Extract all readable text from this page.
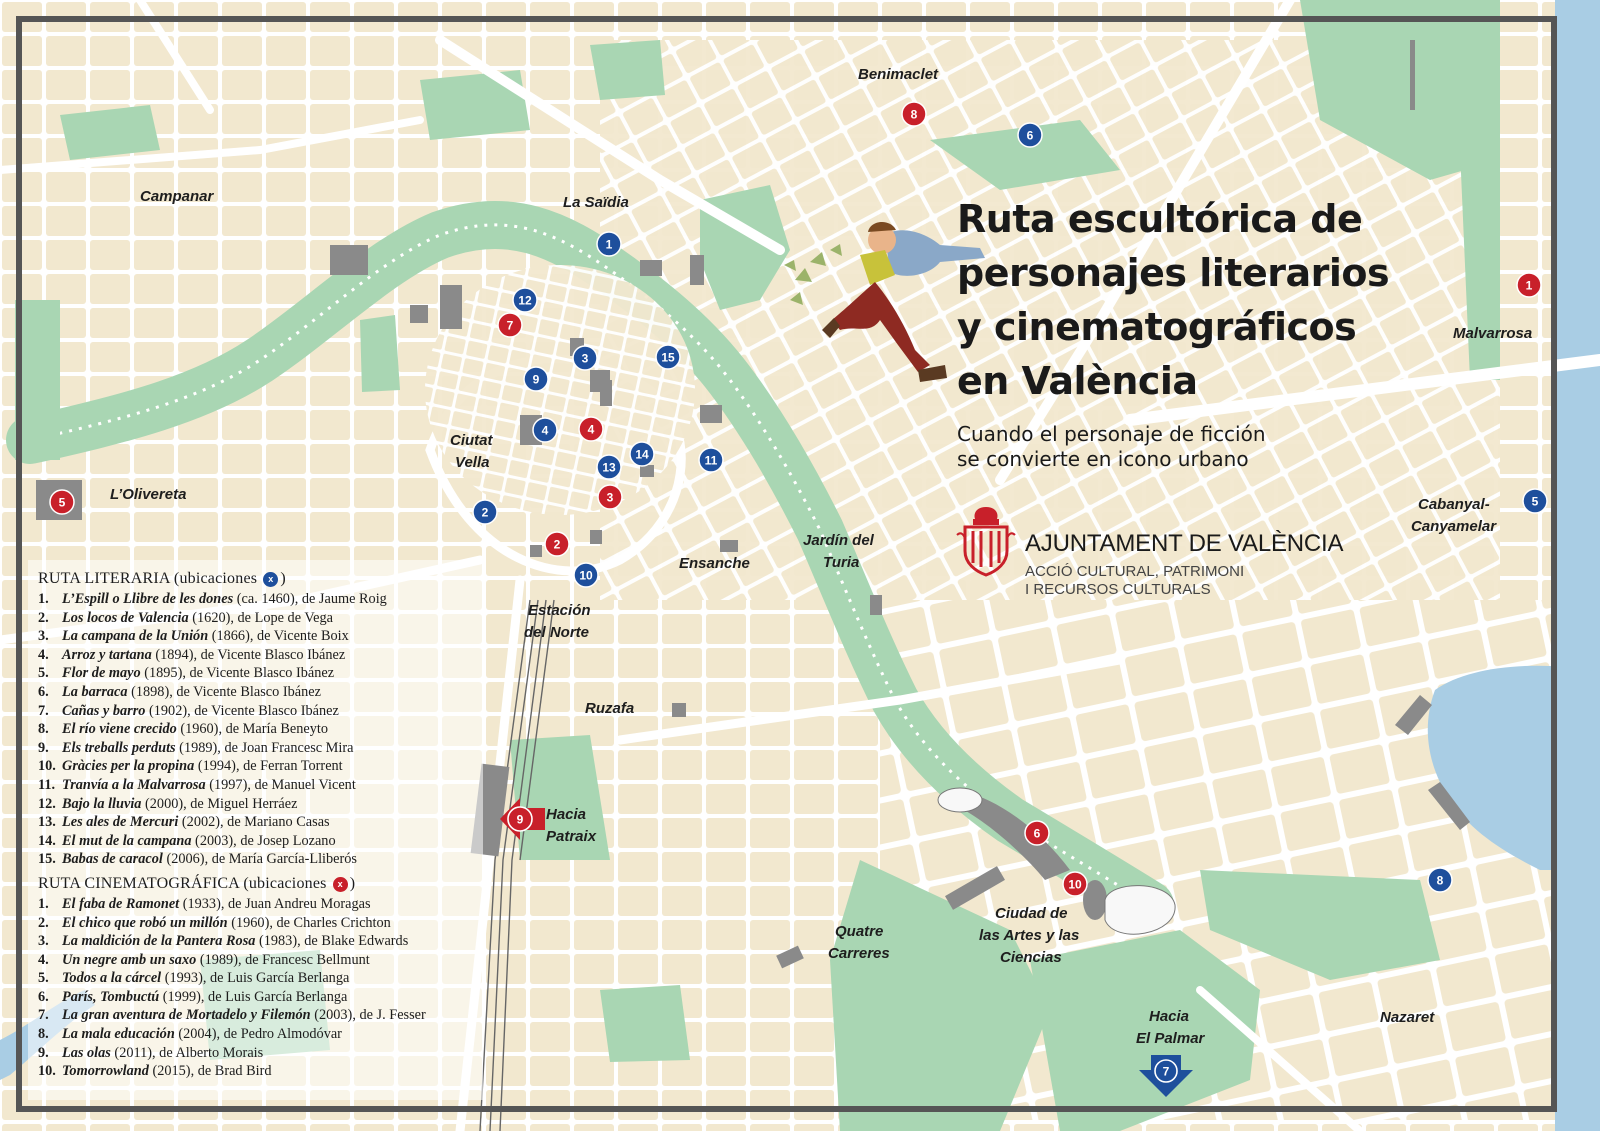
Benimaclet
Campanar	La Saïdia
Malvarrosa
Ciutat
Vella
L’Olivereta
Cabanyal-
Canyamelar
Jardín del
Turia
Ensanche
Estación
del Norte
Ruzafa
Hacia
Patraix
Ciudad de
las Artes y las
Ciencias
Quatre
Carreres
Hacia
El Palmar
Nazaret
9
7
1
2
3
4
5
6
8
9
10
11
12
13
14
15
1
2
3
4
5
6
7
8
10
Ruta escultórica de
personajes literarios
y cinematográficos
en València
Cuando el personaje de ficción
se convierte en icono urbano
AJUNTAMENT DE VALÈNCIA
ACCIÓ CULTURAL, PATRIMONI
I RECURSOS CULTURALS
RUTA LITERARIA (ubicaciones x )
1. L’Espill o Llibre de les dones (ca. 1460), de Jaume Roig
2. Los locos de Valencia (1620), de Lope de Vega
3. La campana de la Unión (1866), de Vicente Boix
4. Arroz y tartana (1894), de Vicente Blasco Ibánez
5. Flor de mayo (1895), de Vicente Blasco Ibánez
6. La barraca (1898), de Vicente Blasco Ibánez
7. Cañas y barro (1902), de Vicente Blasco Ibánez
8. El río viene crecido (1960), de María Beneyto
9. Els treballs perduts (1989), de Joan Francesc Mira
10. Gràcies per la propina (1994), de Ferran Torrent
11. Tranvía a la Malvarrosa (1997), de Manuel Vicent
12. Bajo la lluvia (2000), de Miguel Herráez
13. Les ales de Mercuri (2002), de Mariano Casas
14. El mut de la campana (2003), de Josep Lozano
15. Babas de caracol (2006), de María García-Lliberós
RUTA CINEMATOGRÁFICA (ubicaciones x )
1. El faba de Ramonet (1933), de Juan Andreu Moragas
2. El chico que robó un millón (1960), de Charles Crichton
3. La maldición de la Pantera Rosa (1983), de Blake Edwards
4. Un negre amb un saxo (1989), de Francesc Bellmunt
5. Todos a la cárcel (1993), de Luis García Berlanga
6. París, Tombuctú (1999), de Luis García Berlanga
7. La gran aventura de Mortadelo y Filemón (2003), de J. Fesser
8. La mala educación (2004), de Pedro Almodóvar
9. Las olas (2011), de Alberto Morais
10. Tomorrowland (2015), de Brad Bird
